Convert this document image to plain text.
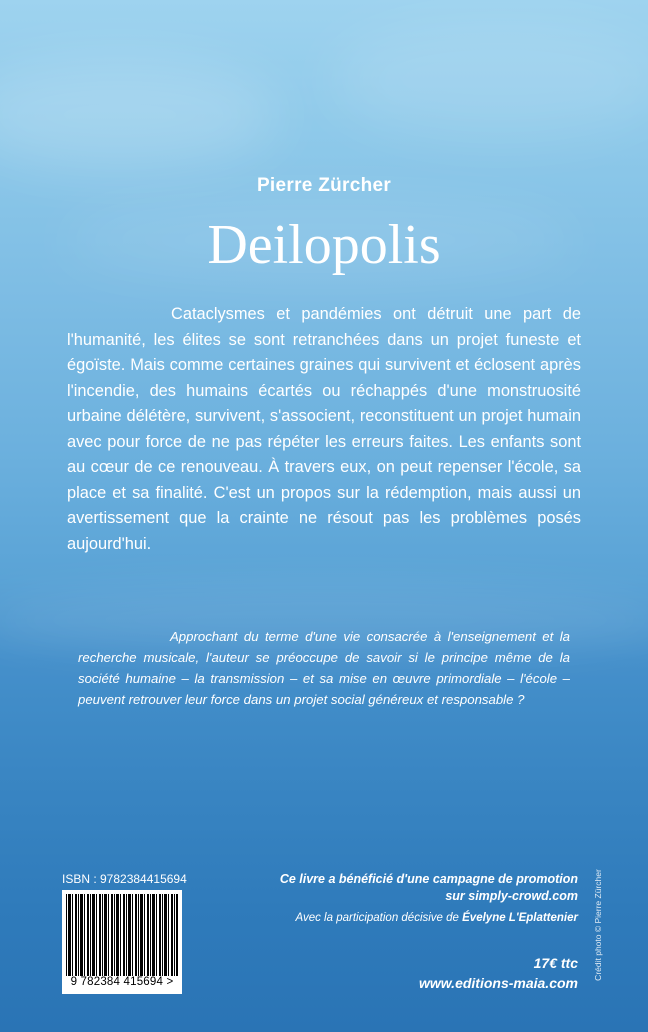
Pierre Zürcher
Deilopolis
Cataclysmes et pandémies ont détruit une part de l'humanité, les élites se sont retranchées dans un projet funeste et égoïste. Mais comme certaines graines qui survivent et éclosent après l'incendie, des humains écartés ou réchappés d'une monstruosité urbaine délétère, survivent, s'associent, reconstituent un projet humain avec pour force de ne pas répéter les erreurs faites. Les enfants sont au cœur de ce renouveau. À travers eux, on peut repenser l'école, sa place et sa finalité. C'est un propos sur la rédemption, mais aussi un avertissement que la crainte ne résout pas les problèmes posés aujourd'hui.
Approchant du terme d'une vie consacrée à l'enseignement et la recherche musicale, l'auteur se préoccupe de savoir si le principe même de la société humaine – la transmission – et sa mise en œuvre primordiale – l'école – peuvent retrouver leur force dans un projet social généreux et responsable ?
ISBN : 9782384415694
9 782384 415694 >
Ce livre a bénéficié d'une campagne de promotion
sur simply-crowd.com
Avec la participation décisive de Évelyne L'Eplattenier
17€ ttc
www.editions-maia.com
Crédit photo © Pierre Zürcher
